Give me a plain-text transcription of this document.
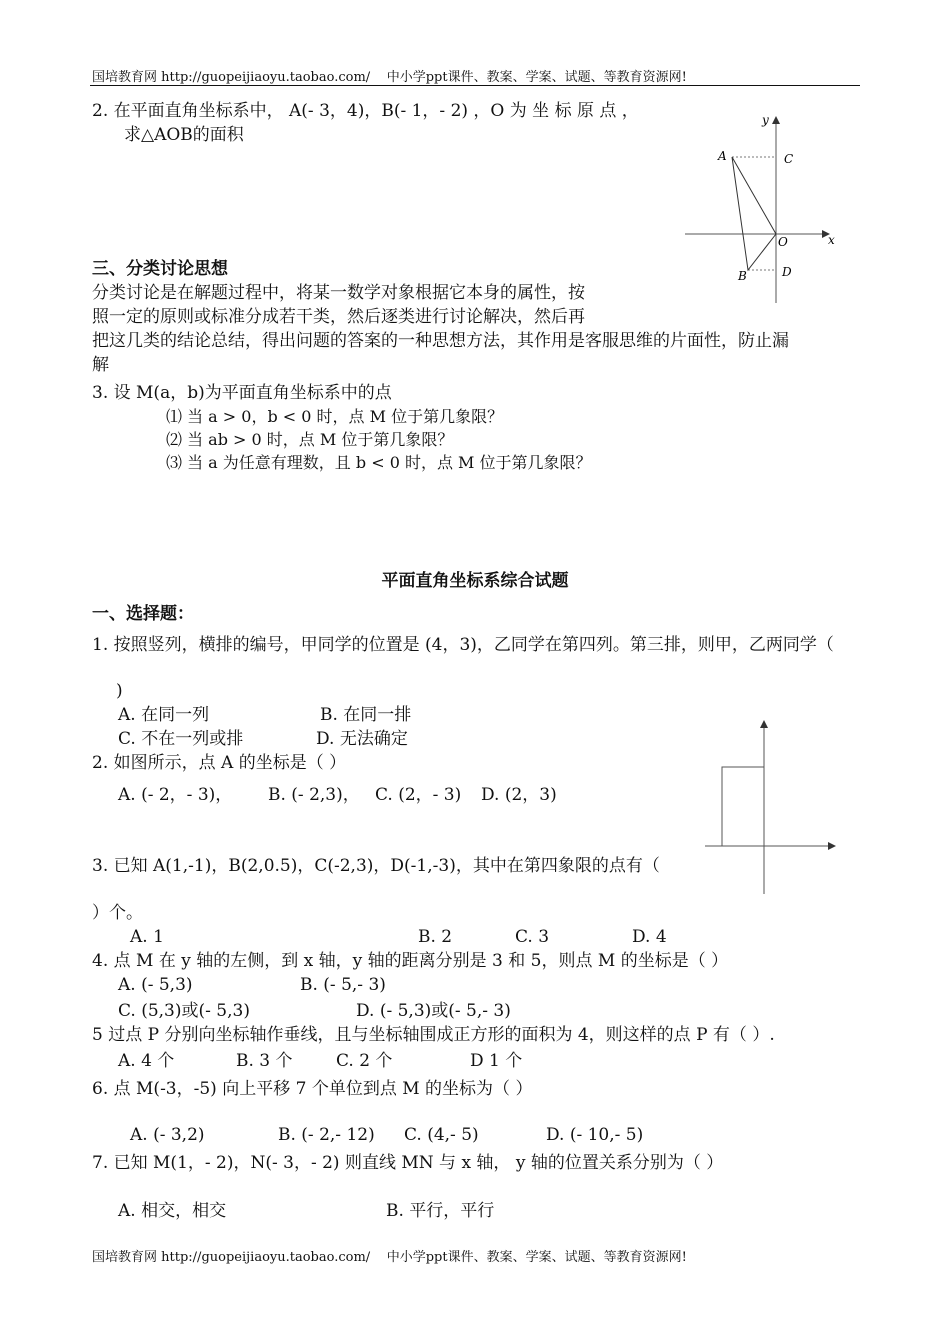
国培教育网 http://guopeijiaoyu.taobao.com/ 中小学ppt课件、教案、学案、试题、等教育资源网!
2. 在平面直角坐标系中， A(- 3，4)，B(- 1，- 2) ，O 为 坐 标 原 点 ，
求△AOB的面积
y
x
A	C
O
B	D
三、分类讨论思想
分类讨论是在解题过程中，将某一数学对象根据它本身的属性，按
照一定的原则或标准分成若干类，然后逐类进行讨论解决，然后再
把这几类的结论总结，得出问题的答案的一种思想方法，其作用是客服思维的片面性，防止漏
解
3. 设 M(a，b)为平面直角坐标系中的点
⑴ 当 a > 0，b < 0 时，点 M 位于第几象限？
⑵ 当 ab > 0 时，点 M 位于第几象限？
⑶ 当 a 为任意有理数，且 b < 0 时，点 M 位于第几象限？
平面直角坐标系综合试题
一、选择题：
1. 按照竖列，横排的编号，甲同学的位置是 (4，3)，乙同学在第四列。第三排，则甲，乙两同学（
)
A. 在同一列	B. 在同一排
C. 不在一列或排	D. 无法确定
2. 如图所示，点 A 的坐标是（ ）
A. (- 2，- 3)， B. (- 2,3)， C. (2，- 3) D. (2，3)
3. 已知 A(1,-1)，B(2,0.5)，C(-2,3)，D(-1,-3)，其中在第四象限的点有（
）个。
A. 1	B. 2	C. 3	D. 4
4. 点 M 在 y 轴的左侧，到 x 轴，y 轴的距离分别是 3 和 5，则点 M 的坐标是（ ）
A. (- 5,3)	B. (- 5,- 3)
C. (5,3)或(- 5,3)	D. (- 5,3)或(- 5,- 3)
5 过点 P 分别向坐标轴作垂线，且与坐标轴围成正方形的面积为 4，则这样的点 P 有（ ）.
A. 4 个	B. 3 个	C. 2 个	D 1 个
6. 点 M(-3，-5) 向上平移 7 个单位到点 M 的坐标为（ ）
A. (- 3,2)	B. (- 2,- 12) C. (4,- 5)	D. (- 10,- 5)
7. 已知 M(1，- 2)，N(- 3，- 2) 则直线 MN 与 x 轴， y 轴的位置关系分别为（ ）
A. 相交，相交	B. 平行，平行
国培教育网 http://guopeijiaoyu.taobao.com/ 中小学ppt课件、教案、学案、试题、等教育资源网!
